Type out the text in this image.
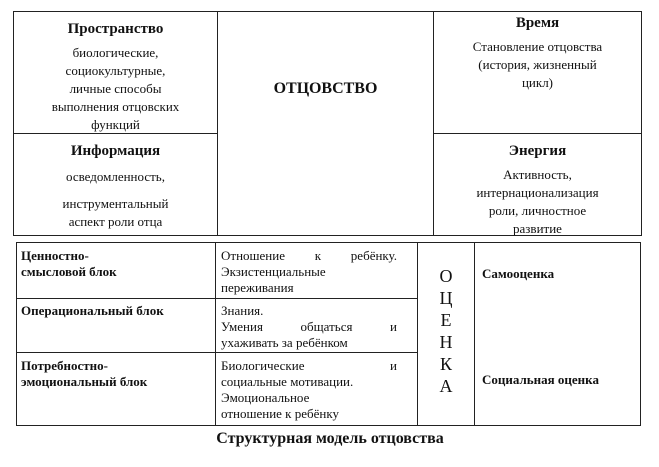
Пространство
биологические,
социокультурные,
личные способы
выполнения отцовских
функций
ОТЦОВСТВО
Время
Становление отцовства
(история, жизненный
цикл)
Информация
осведомленность,
инструментальный
аспект роли отца
Энергия
Активность,
интернационализация
роли, личностное
развитие
Ценностно-
смысловой блок
Отношение к ребёнку.
Экзистенциальные
переживания
Операциональный блок	Знания.
Умения общаться и
ухаживать за ребёнком
Потребностно-
эмоциональный блок
Биологические и
социальные мотивации.
Эмоциональное
отношение к ребёнку
О
Ц
Е
Н
К
А
Самооценка
Социальная оценка
Структурная модель отцовства
